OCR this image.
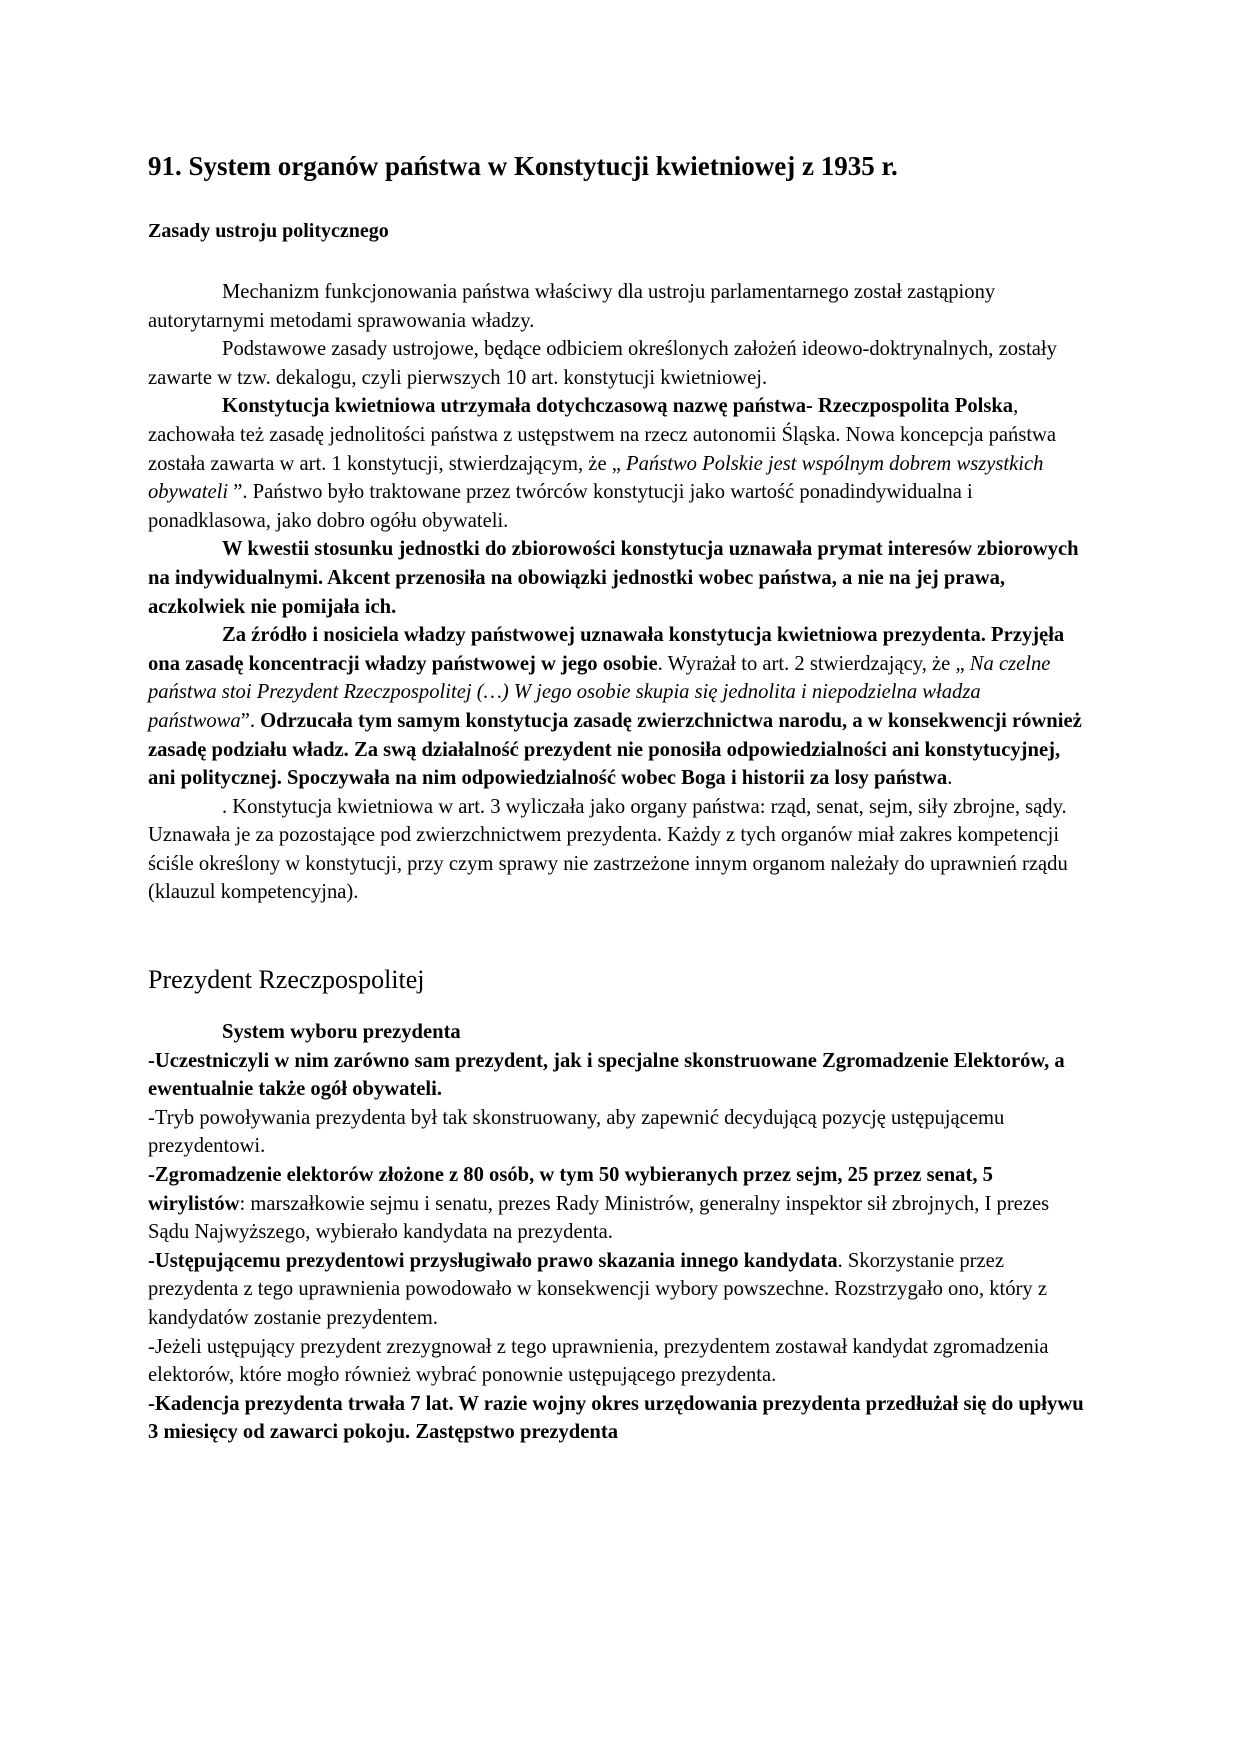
91. System organów państwa w Konstytucji kwietniowej z 1935 r.
Zasady ustroju politycznego

Mechanizm funkcjonowania państwa właściwy dla ustroju parlamentarnego został zastąpiony autorytarnymi metodami sprawowania władzy.

Podstawowe zasady ustrojowe, będące odbiciem określonych założeń ideowo-doktrynalnych, zostały zawarte w tzw. dekalogu, czyli pierwszych 10 art. konstytucji kwietniowej.

Konstytucja kwietniowa utrzymała dotychczasową nazwę państwa- Rzeczpospolita Polska, zachowała też zasadę jednolitości państwa z ustępstwem na rzecz autonomii Śląska. Nowa koncepcja państwa została zawarta w art. 1 konstytucji, stwierdzającym, że „ Państwo Polskie jest wspólnym dobrem wszystkich obywateli ”. Państwo było traktowane przez twórców konstytucji jako wartość ponadindywidualna i ponadklasowa, jako dobro ogółu obywateli.

W kwestii stosunku jednostki do zbiorowości konstytucja uznawała prymat interesów zbiorowych na indywidualnymi. Akcent przenosiła na obowiązki jednostki wobec państwa, a nie na jej prawa, aczkolwiek nie pomijała ich.

Za źródło i nosiciela władzy państwowej uznawała konstytucja kwietniowa prezydenta. Przyjęła ona zasadę koncentracji władzy państwowej w jego osobie. Wyrażał to art. 2 stwierdzający, że „ Na czelne państwa stoi Prezydent Rzeczpospolitej (…) W jego osobie skupia się jednolita i niepodzielna władza państwowa”. Odrzucała tym samym konstytucja zasadę zwierzchnictwa narodu, a w konsekwencji również zasadę podziału władz. Za swą działalność prezydent nie ponosiła odpowiedzialności ani konstytucyjnej, ani politycznej. Spoczywała na nim odpowiedzialność wobec Boga i historii za losy państwa.

. Konstytucja kwietniowa w art. 3 wyliczała jako organy państwa: rząd, senat, sejm, siły zbrojne, sądy. Uznawała je za pozostające pod zwierzchnictwem prezydenta. Każdy z tych organów miał zakres kompetencji ściśle określony w konstytucji, przy czym sprawy nie zastrzeżone innym organom należały do uprawnień rządu (klauzul kompetencyjna).

Prezydent Rzeczpospolitej
System wyboru prezydenta

-Uczestniczyli w nim zarówno sam prezydent, jak i specjalne skonstruowane Zgromadzenie Elektorów, a ewentualnie także ogół obywateli.

-Tryb powoływania prezydenta był tak skonstruowany, aby zapewnić decydującą pozycję ustępującemu prezydentowi.

-Zgromadzenie elektorów złożone z 80 osób, w tym 50 wybieranych przez sejm, 25 przez senat, 5 wirylistów: marszałkowie sejmu i senatu, prezes Rady Ministrów, generalny inspektor sił zbrojnych, I prezes Sądu Najwyższego, wybierało kandydata na prezydenta.

-Ustępującemu prezydentowi przysługiwało prawo skazania innego kandydata. Skorzystanie przez prezydenta z tego uprawnienia powodowało w konsekwencji wybory powszechne. Rozstrzygało ono, który z kandydatów zostanie prezydentem.

-Jeżeli ustępujący prezydent zrezygnował z tego uprawnienia, prezydentem zostawał kandydat zgromadzenia elektorów, które mogło również wybrać ponownie ustępującego prezydenta.

-Kadencja prezydenta trwała 7 lat. W razie wojny okres urzędowania prezydenta przedłużał się do upływu 3 miesięcy od zawarci pokoju. Zastępstwo prezydenta
